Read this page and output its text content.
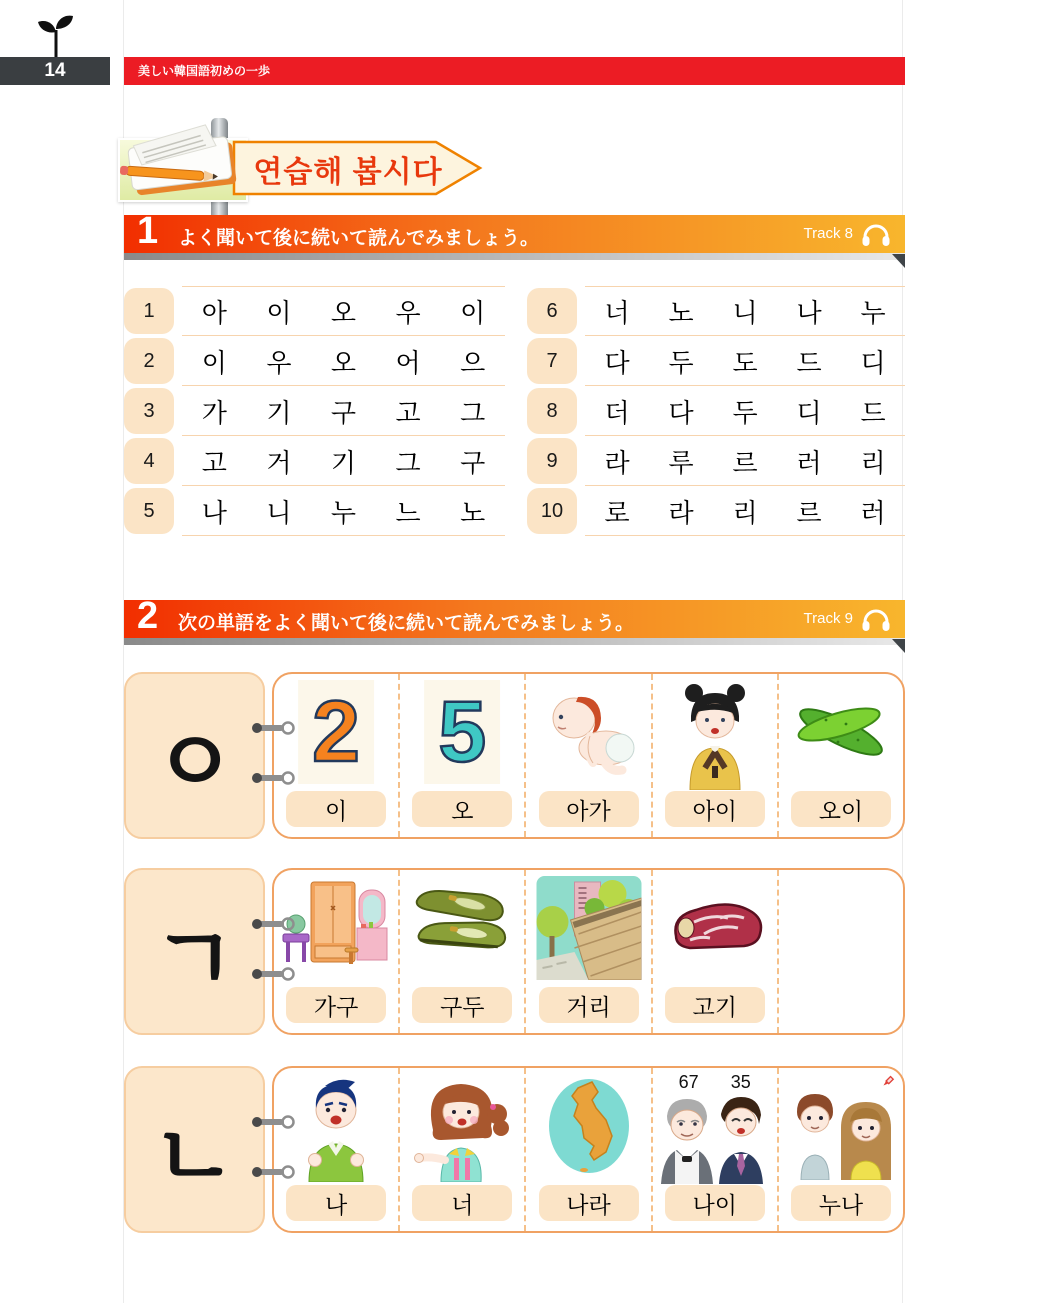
14	美しい韓国語初めの一歩
연습해 봅시다
1 よく聞いて後に続いて読んでみましょう。	Track 8
1	아 이 오 우 이
2	이 우 오 어 으
3	가 기 구 고 그
4	고 거 기 그 구
5	나 니 누 느 노
6	너 노 니 나 누
7	다 두 도 드 디
8	더 다 두 디 드
9	라 루 르 러 리
10	로 라 리 르 러
2 次の単語をよく聞いて後に続いて読んでみましょう。	Track 9
ㅇ 2
이
5
오	아가	아이	오이
ㄱ	가구	구두	거리	고기
ㄴ	나	너	나라
67 35
나이	누나
